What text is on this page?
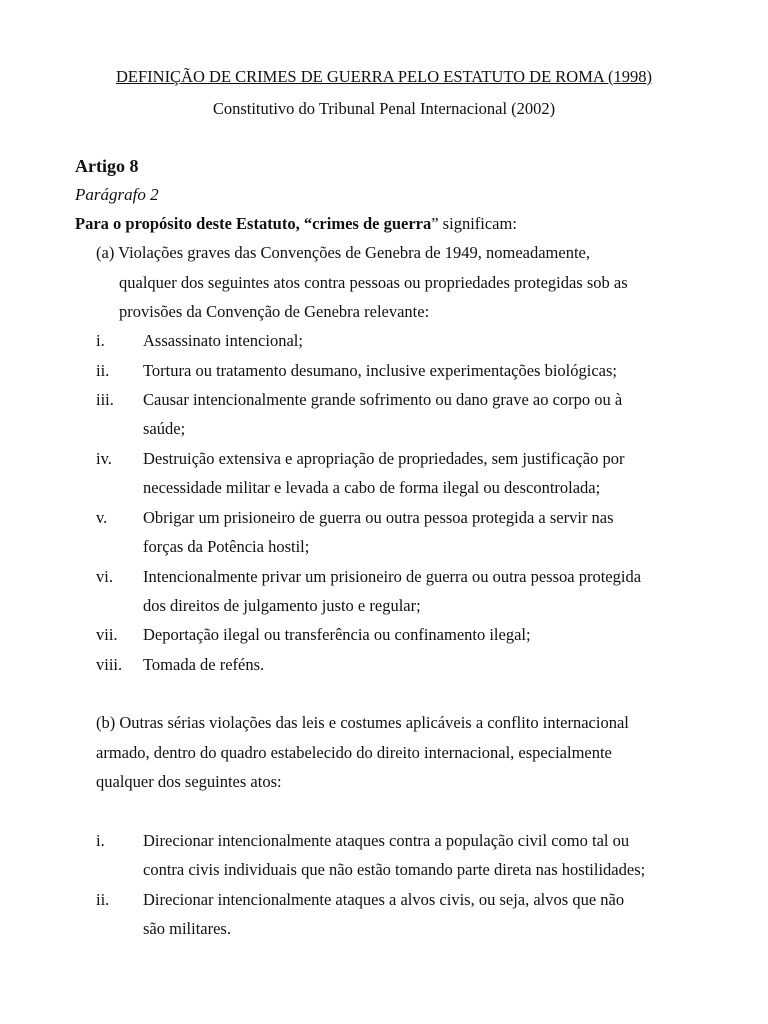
DEFINIÇÃO DE CRIMES DE GUERRA PELO ESTATUTO DE ROMA (1998)
Constitutivo do Tribunal Penal Internacional (2002)
Artigo 8
Parágrafo 2
Para o propósito deste Estatuto, “crimes de guerra” significam:
(a) Violações graves das Convenções de Genebra de 1949, nomeadamente,
qualquer dos seguintes atos contra pessoas ou propriedades protegidas sob as
provisões da Convenção de Genebra relevante:
i. Assassinato intencional;
ii. Tortura ou tratamento desumano, inclusive experimentações biológicas;
iii. Causar intencionalmente grande sofrimento ou dano grave ao corpo ou à
saúde;
iv. Destruição extensiva e apropriação de propriedades, sem justificação por
necessidade militar e levada a cabo de forma ilegal ou descontrolada;
v. Obrigar um prisioneiro de guerra ou outra pessoa protegida a servir nas
forças da Potência hostil;
vi. Intencionalmente privar um prisioneiro de guerra ou outra pessoa protegida
dos direitos de julgamento justo e regular;
vii. Deportação ilegal ou transferência ou confinamento ilegal;
viii. Tomada de reféns.
(b) Outras sérias violações das leis e costumes aplicáveis a conflito internacional
armado, dentro do quadro estabelecido do direito internacional, especialmente
qualquer dos seguintes atos:
i. Direcionar intencionalmente ataques contra a população civil como tal ou
contra civis individuais que não estão tomando parte direta nas hostilidades;
ii. Direcionar intencionalmente ataques a alvos civis, ou seja, alvos que não
são militares.
